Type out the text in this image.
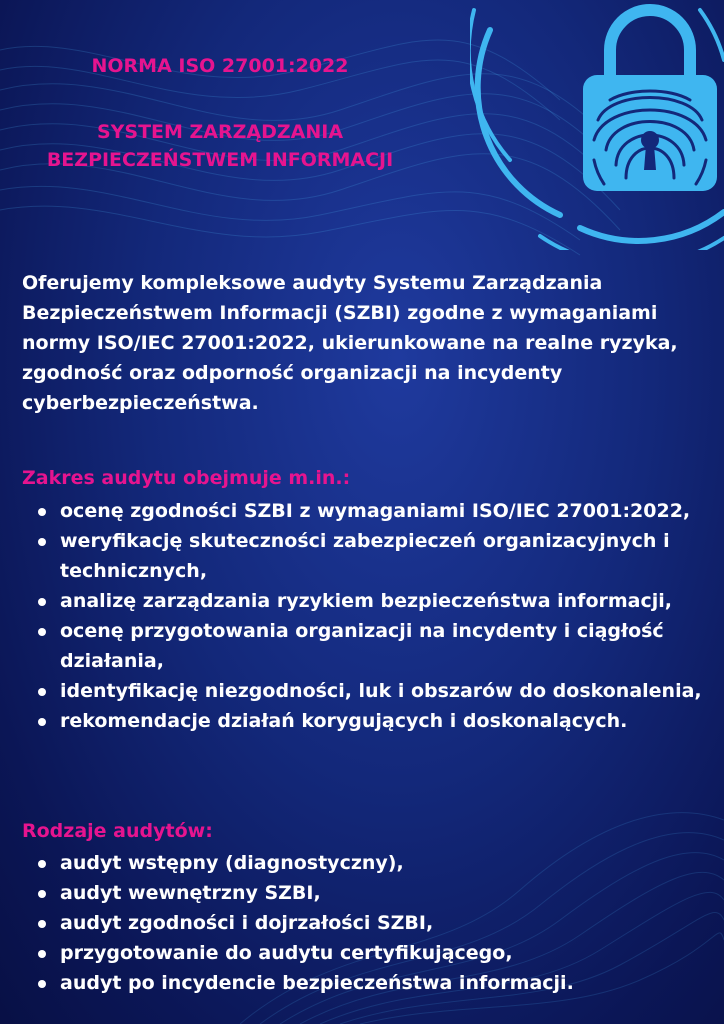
NORMA ISO 27001:2022
SYSTEM ZARZĄDZANIA
BEZPIECZEŃSTWEM INFORMACJI

Oferujemy kompleksowe audyty Systemu Zarządzania Bezpieczeństwem Informacji (SZBI) zgodne z wymaganiami normy ISO/IEC 27001:2022, ukierunkowane na realne ryzyka, zgodność oraz odporność organizacji na incydenty cyberbezpieczeństwa.

Zakres audytu obejmuje m.in.:
ocenę zgodności SZBI z wymaganiami ISO/IEC 27001:2022,
weryfikację skuteczności zabezpieczeń organizacyjnych i technicznych,
analizę zarządzania ryzykiem bezpieczeństwa informacji,
ocenę przygotowania organizacji na incydenty i ciągłość działania,
identyfikację niezgodności, luk i obszarów do doskonalenia,
rekomendacje działań korygujących i doskonalących.
Rodzaje audytów:
audyt wstępny (diagnostyczny),
audyt wewnętrzny SZBI,
audyt zgodności i dojrzałości SZBI,
przygotowanie do audytu certyfikującego,
audyt po incydencie bezpieczeństwa informacji.
